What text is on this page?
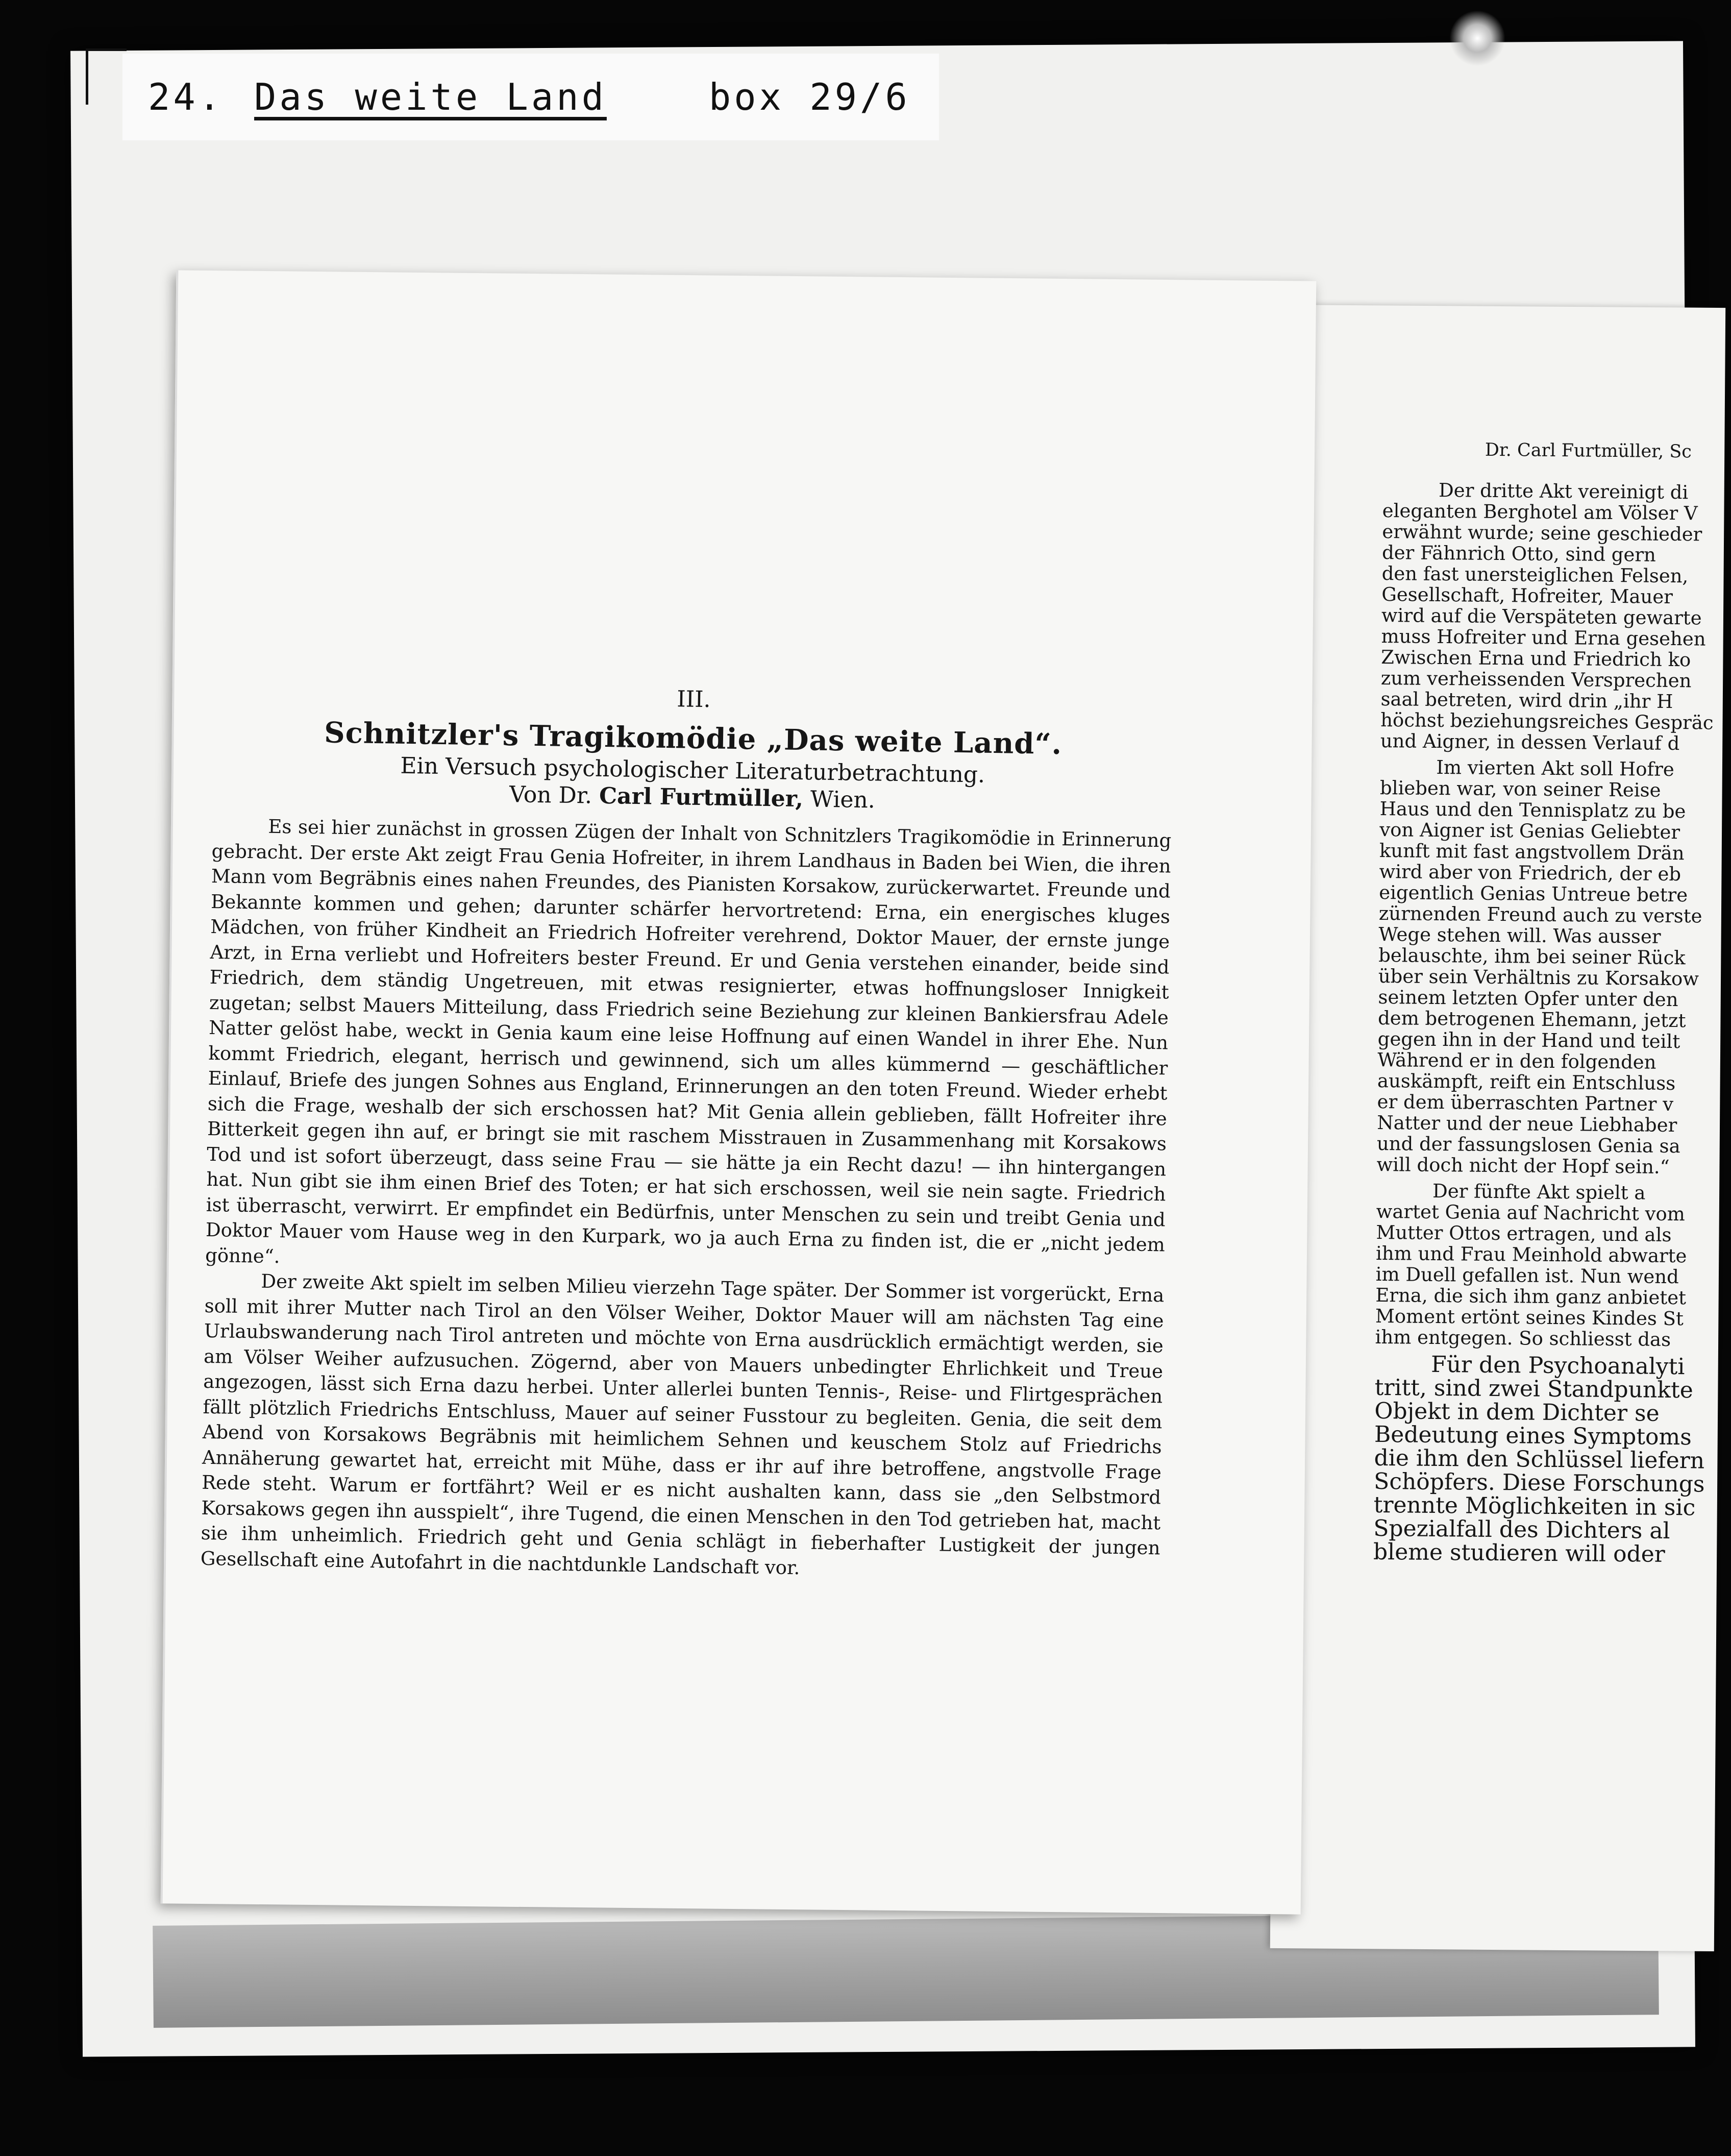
24. Das weite Land	box 29/6
III.
Schnitzler's Tragikomödie „Das weite Land“.
Ein Versuch psychologischer Literaturbetrachtung.
Von Dr. Carl Furtmüller, Wien.

Es sei hier zunächst in grossen Zügen der Inhalt von Schnitzlers Tragikomödie in Erinnerung gebracht. Der erste Akt zeigt Frau Genia Hofreiter, in ihrem Landhaus in Baden bei Wien, die ihren Mann vom Begräbnis eines nahen Freundes, des Pianisten Korsakow, zurückerwartet. Freunde und Bekannte kommen und gehen; darunter schärfer hervortretend: Erna, ein energisches kluges Mädchen, von früher Kindheit an Friedrich Hofreiter verehrend, Doktor Mauer, der ernste junge Arzt, in Erna verliebt und Hofreiters bester Freund. Er und Genia verstehen einander, beide sind Friedrich, dem ständig Ungetreuen, mit etwas resignierter, etwas hoffnungsloser Innigkeit zugetan; selbst Mauers Mitteilung, dass Friedrich seine Beziehung zur kleinen Bankiersfrau Adele Natter gelöst habe, weckt in Genia kaum eine leise Hoffnung auf einen Wandel in ihrer Ehe. Nun kommt Friedrich, elegant, herrisch und gewinnend, sich um alles kümmernd — geschäftlicher Einlauf, Briefe des jungen Sohnes aus England, Erinnerungen an den toten Freund. Wieder erhebt sich die Frage, weshalb der sich erschossen hat? Mit Genia allein geblieben, fällt Hofreiter ihre Bitterkeit gegen ihn auf, er bringt sie mit raschem Misstrauen in Zusammenhang mit Korsakows Tod und ist sofort überzeugt, dass seine Frau — sie hätte ja ein Recht dazu! — ihn hintergangen hat. Nun gibt sie ihm einen Brief des Toten; er hat sich erschossen, weil sie nein sagte. Friedrich ist überrascht, verwirrt. Er empfindet ein Bedürfnis, unter Menschen zu sein und treibt Genia und Doktor Mauer vom Hause weg in den Kurpark, wo ja auch Erna zu finden ist, die er „nicht jedem gönne“.

Der zweite Akt spielt im selben Milieu vierzehn Tage später. Der Sommer ist vorgerückt, Erna soll mit ihrer Mutter nach Tirol an den Völser Weiher, Doktor Mauer will am nächsten Tag eine Urlaubswanderung nach Tirol antreten und möchte von Erna ausdrücklich ermächtigt werden, sie am Völser Weiher aufzusuchen. Zögernd, aber von Mauers unbedingter Ehrlichkeit und Treue angezogen, lässt sich Erna dazu herbei. Unter allerlei bunten Tennis-, Reise- und Flirtgesprächen fällt plötzlich Friedrichs Entschluss, Mauer auf seiner Fusstour zu begleiten. Genia, die seit dem Abend von Korsakows Begräbnis mit heimlichem Sehnen und keuschem Stolz auf Friedrichs Annäherung gewartet hat, erreicht mit Mühe, dass er ihr auf ihre betroffene, angstvolle Frage Rede steht. Warum er fortfährt? Weil er es nicht aushalten kann, dass sie „den Selbstmord Korsakows gegen ihn ausspielt“, ihre Tugend, die einen Menschen in den Tod getrieben hat, macht sie ihm unheimlich. Friedrich geht und Genia schlägt in fieberhafter Lustigkeit der jungen Gesellschaft eine Autofahrt in die nachtdunkle Landschaft vor.

Dr. Carl Furtmüller, Sc
Der dritte Akt vereinigt di
eleganten Berghotel am Völser V
erwähnt wurde; seine geschieder
der Fähnrich Otto, sind gern
den fast unersteiglichen Felsen,
Gesellschaft, Hofreiter, Mauer
wird auf die Verspäteten gewarte
muss Hofreiter und Erna gesehen
Zwischen Erna und Friedrich ko
zum verheissenden Versprechen
saal betreten, wird drin „ihr H
höchst beziehungsreiches Gespräc
und Aigner, in dessen Verlauf d
Im vierten Akt soll Hofre
blieben war, von seiner Reise
Haus und den Tennisplatz zu be
von Aigner ist Genias Geliebter
kunft mit fast angstvollem Drän
wird aber von Friedrich, der eb
eigentlich Genias Untreue betre
zürnenden Freund auch zu verste
Wege stehen will. Was ausser
belauschte, ihm bei seiner Rück
über sein Verhältnis zu Korsakow
seinem letzten Opfer unter den
dem betrogenen Ehemann, jetzt
gegen ihn in der Hand und teilt
Während er in den folgenden
auskämpft, reift ein Entschluss
er dem überraschten Partner v
Natter und der neue Liebhaber
und der fassungslosen Genia sa
will doch nicht der Hopf sein.“
Der fünfte Akt spielt a
wartet Genia auf Nachricht vom
Mutter Ottos ertragen, und als
ihm und Frau Meinhold abwarte
im Duell gefallen ist. Nun wend
Erna, die sich ihm ganz anbietet
Moment ertönt seines Kindes St
ihm entgegen. So schliesst das
Für den Psychoanalyti
tritt, sind zwei Standpunkte
Objekt in dem Dichter se
Bedeutung eines Symptoms
die ihm den Schlüssel liefern
Schöpfers. Diese Forschungs
trennte Möglichkeiten in sic
Spezialfall des Dichters al
bleme studieren will oder
